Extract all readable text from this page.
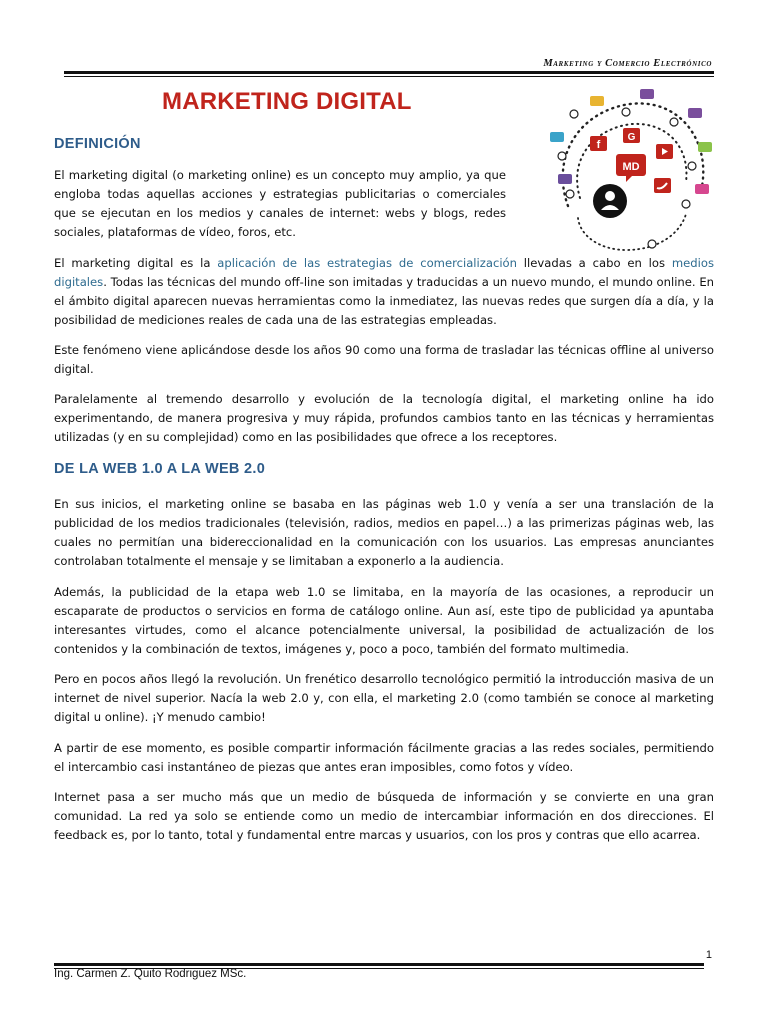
Marketing y Comercio Electrónico
MARKETING DIGITAL
MD
f
G
DEFINICIÓN
El marketing digital (o marketing online) es un concepto muy amplio, ya que engloba todas aquellas acciones y estrategias publicitarias o comerciales que se ejecutan en los medios y canales de internet: webs y blogs, redes sociales, plataformas de vídeo, foros, etc.
El marketing digital es la aplicación de las estrategias de comercialización llevadas a cabo en los medios digitales. Todas las técnicas del mundo off-line son imitadas y traducidas a un nuevo mundo, el mundo online. En el ámbito digital aparecen nuevas herramientas como la inmediatez, las nuevas redes que surgen día a día, y la posibilidad de mediciones reales de cada una de las estrategias empleadas.
Este fenómeno viene aplicándose desde los años 90 como una forma de trasladar las técnicas offline al universo digital.
Paralelamente al tremendo desarrollo y evolución de la tecnología digital, el marketing online ha ido experimentando, de manera progresiva y muy rápida, profundos cambios tanto en las técnicas y herramientas utilizadas (y en su complejidad) como en las posibilidades que ofrece a los receptores.
DE LA WEB 1.0 A LA WEB 2.0
En sus inicios, el marketing online se basaba en las páginas web 1.0 y venía a ser una translación de la publicidad de los medios tradicionales (televisión, radios, medios en papel…) a las primerizas páginas web, las cuales no permitían una bidereccionalidad en la comunicación con los usuarios. Las empresas anunciantes controlaban totalmente el mensaje y se limitaban a exponerlo a la audiencia.
Además, la publicidad de la etapa web 1.0 se limitaba, en la mayoría de las ocasiones, a reproducir un escaparate de productos o servicios en forma de catálogo online. Aun así, este tipo de publicidad ya apuntaba interesantes virtudes, como el alcance potencialmente universal, la posibilidad de actualización de los contenidos y la combinación de textos, imágenes y, poco a poco, también del formato multimedia.
Pero en pocos años llegó la revolución. Un frenético desarrollo tecnológico permitió la introducción masiva de un internet de nivel superior. Nacía la web 2.0 y, con ella, el marketing 2.0 (como también se conoce al marketing digital u online). ¡Y menudo cambio!
A partir de ese momento, es posible compartir información fácilmente gracias a las redes sociales, permitiendo el intercambio casi instantáneo de piezas que antes eran imposibles, como fotos y vídeo.
Internet pasa a ser mucho más que un medio de búsqueda de información y se convierte en una gran comunidad. La red ya solo se entiende como un medio de intercambiar información en dos direcciones. El feedback es, por lo tanto, total y fundamental entre marcas y usuarios, con los pros y contras que ello acarrea.
1
Ing. Carmen Z. Quito Rodriguez MSc.
